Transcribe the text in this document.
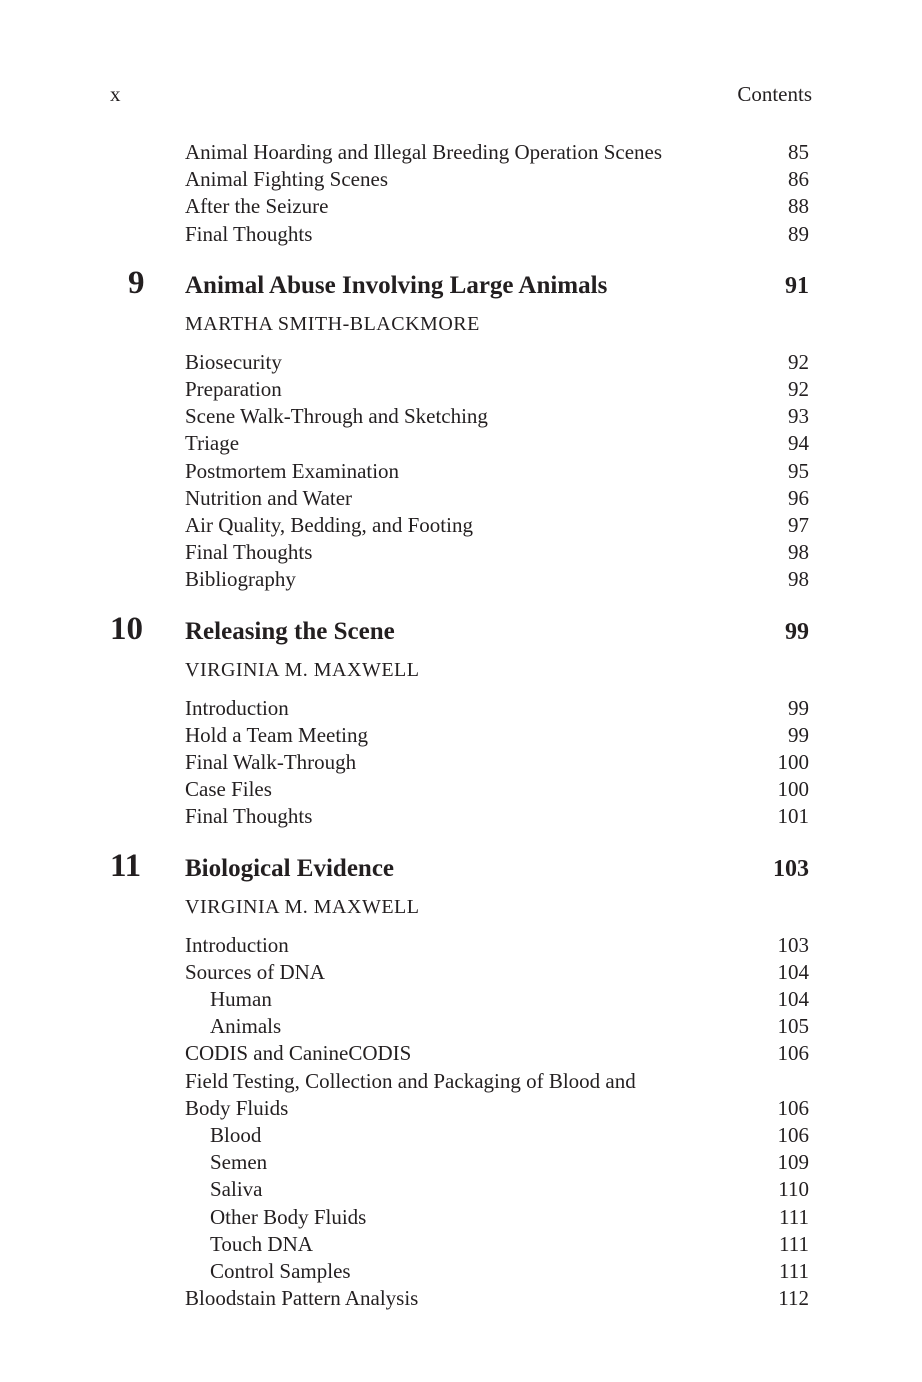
x	Contents
Animal Hoarding and Illegal Breeding Operation Scenes	85
Animal Fighting Scenes	86
After the Seizure	88
Final Thoughts	89
9	Animal Abuse Involving Large Animals	91
MARTHA SMITH-BLACKMORE
Biosecurity	92
Preparation	92
Scene Walk-Through and Sketching	93
Triage	94
Postmortem Examination	95
Nutrition and Water	96
Air Quality, Bedding, and Footing	97
Final Thoughts	98
Bibliography	98
10	Releasing the Scene	99
VIRGINIA M. MAXWELL
Introduction	99
Hold a Team Meeting	99
Final Walk-Through	100
Case Files	100
Final Thoughts	101
11	Biological Evidence	103
VIRGINIA M. MAXWELL
Introduction	103
Sources of DNA	104
Human	104
Animals	105
CODIS and CanineCODIS	106
Field Testing, Collection and Packaging of Blood and
Body Fluids	106
Blood	106
Semen	109
Saliva	110
Other Body Fluids	111
Touch DNA	111
Control Samples	111
Bloodstain Pattern Analysis	112
